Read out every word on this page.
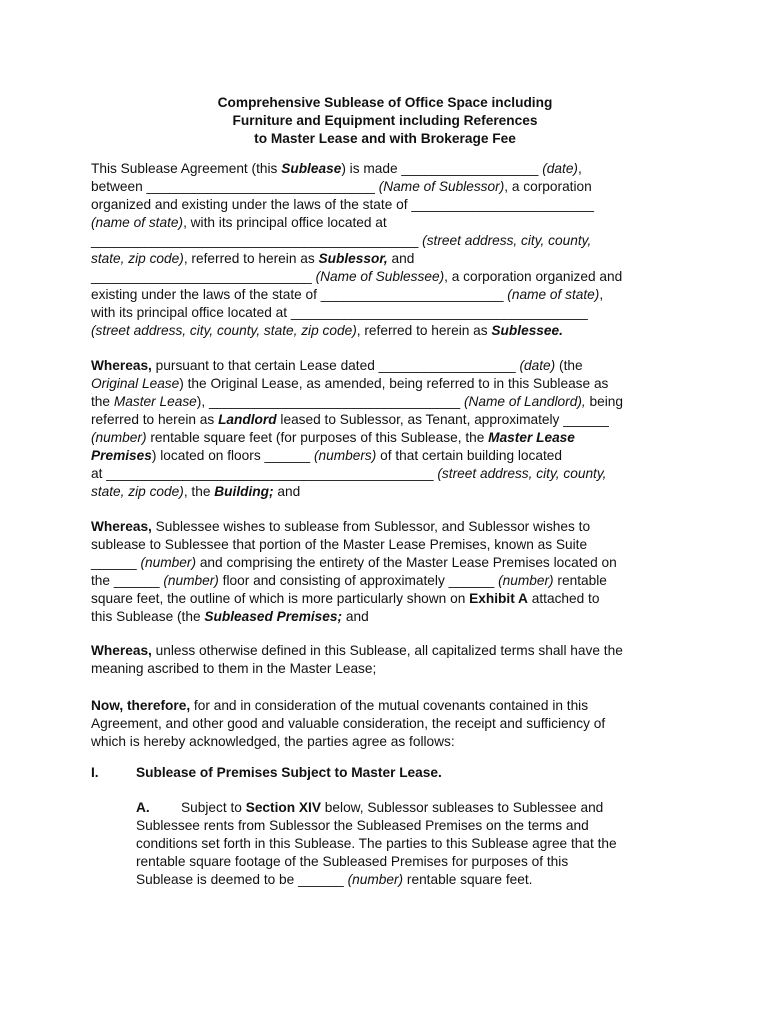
Comprehensive Sublease of Office Space including
Furniture and Equipment including References
to Master Lease and with Brokerage Fee
This Sublease Agreement (this Sublease) is made __________________ (date),
between ______________________________ (Name of Sublessor), a corporation
organized and existing under the laws of the state of ________________________
(name of state), with its principal office located at
___________________________________________ (street address, city, county,
state, zip code), referred to herein as Sublessor, and
_____________________________ (Name of Sublessee), a corporation organized and
existing under the laws of the state of ________________________ (name of state),
with its principal office located at _______________________________________
(street address, city, county, state, zip code), referred to herein as Sublessee.
Whereas, pursuant to that certain Lease dated __________________ (date) (the
Original Lease) the Original Lease, as amended, being referred to in this Sublease as
the Master Lease), _________________________________ (Name of Landlord), being
referred to herein as Landlord leased to Sublessor, as Tenant, approximately ______
(number) rentable square feet (for purposes of this Sublease, the Master Lease
Premises) located on floors ______ (numbers) of that certain building located
at ___________________________________________ (street address, city, county,
state, zip code), the Building; and
Whereas, Sublessee wishes to sublease from Sublessor, and Sublessor wishes to
sublease to Sublessee that portion of the Master Lease Premises, known as Suite
______ (number) and comprising the entirety of the Master Lease Premises located on
the ______ (number) floor and consisting of approximately ______ (number) rentable
square feet, the outline of which is more particularly shown on Exhibit A attached to
this Sublease (the Subleased Premises; and
Whereas, unless otherwise defined in this Sublease, all capitalized terms shall have the
meaning ascribed to them in the Master Lease;
Now, therefore, for and in consideration of the mutual covenants contained in this
Agreement, and other good and valuable consideration, the receipt and sufficiency of
which is hereby acknowledged, the parties agree as follows:
I.	Sublease of Premises Subject to Master Lease.
A. Subject to Section XIV below, Sublessor subleases to Sublessee and
Sublessee rents from Sublessor the Subleased Premises on the terms and
conditions set forth in this Sublease. The parties to this Sublease agree that the
rentable square footage of the Subleased Premises for purposes of this
Sublease is deemed to be ______ (number) rentable square feet.
